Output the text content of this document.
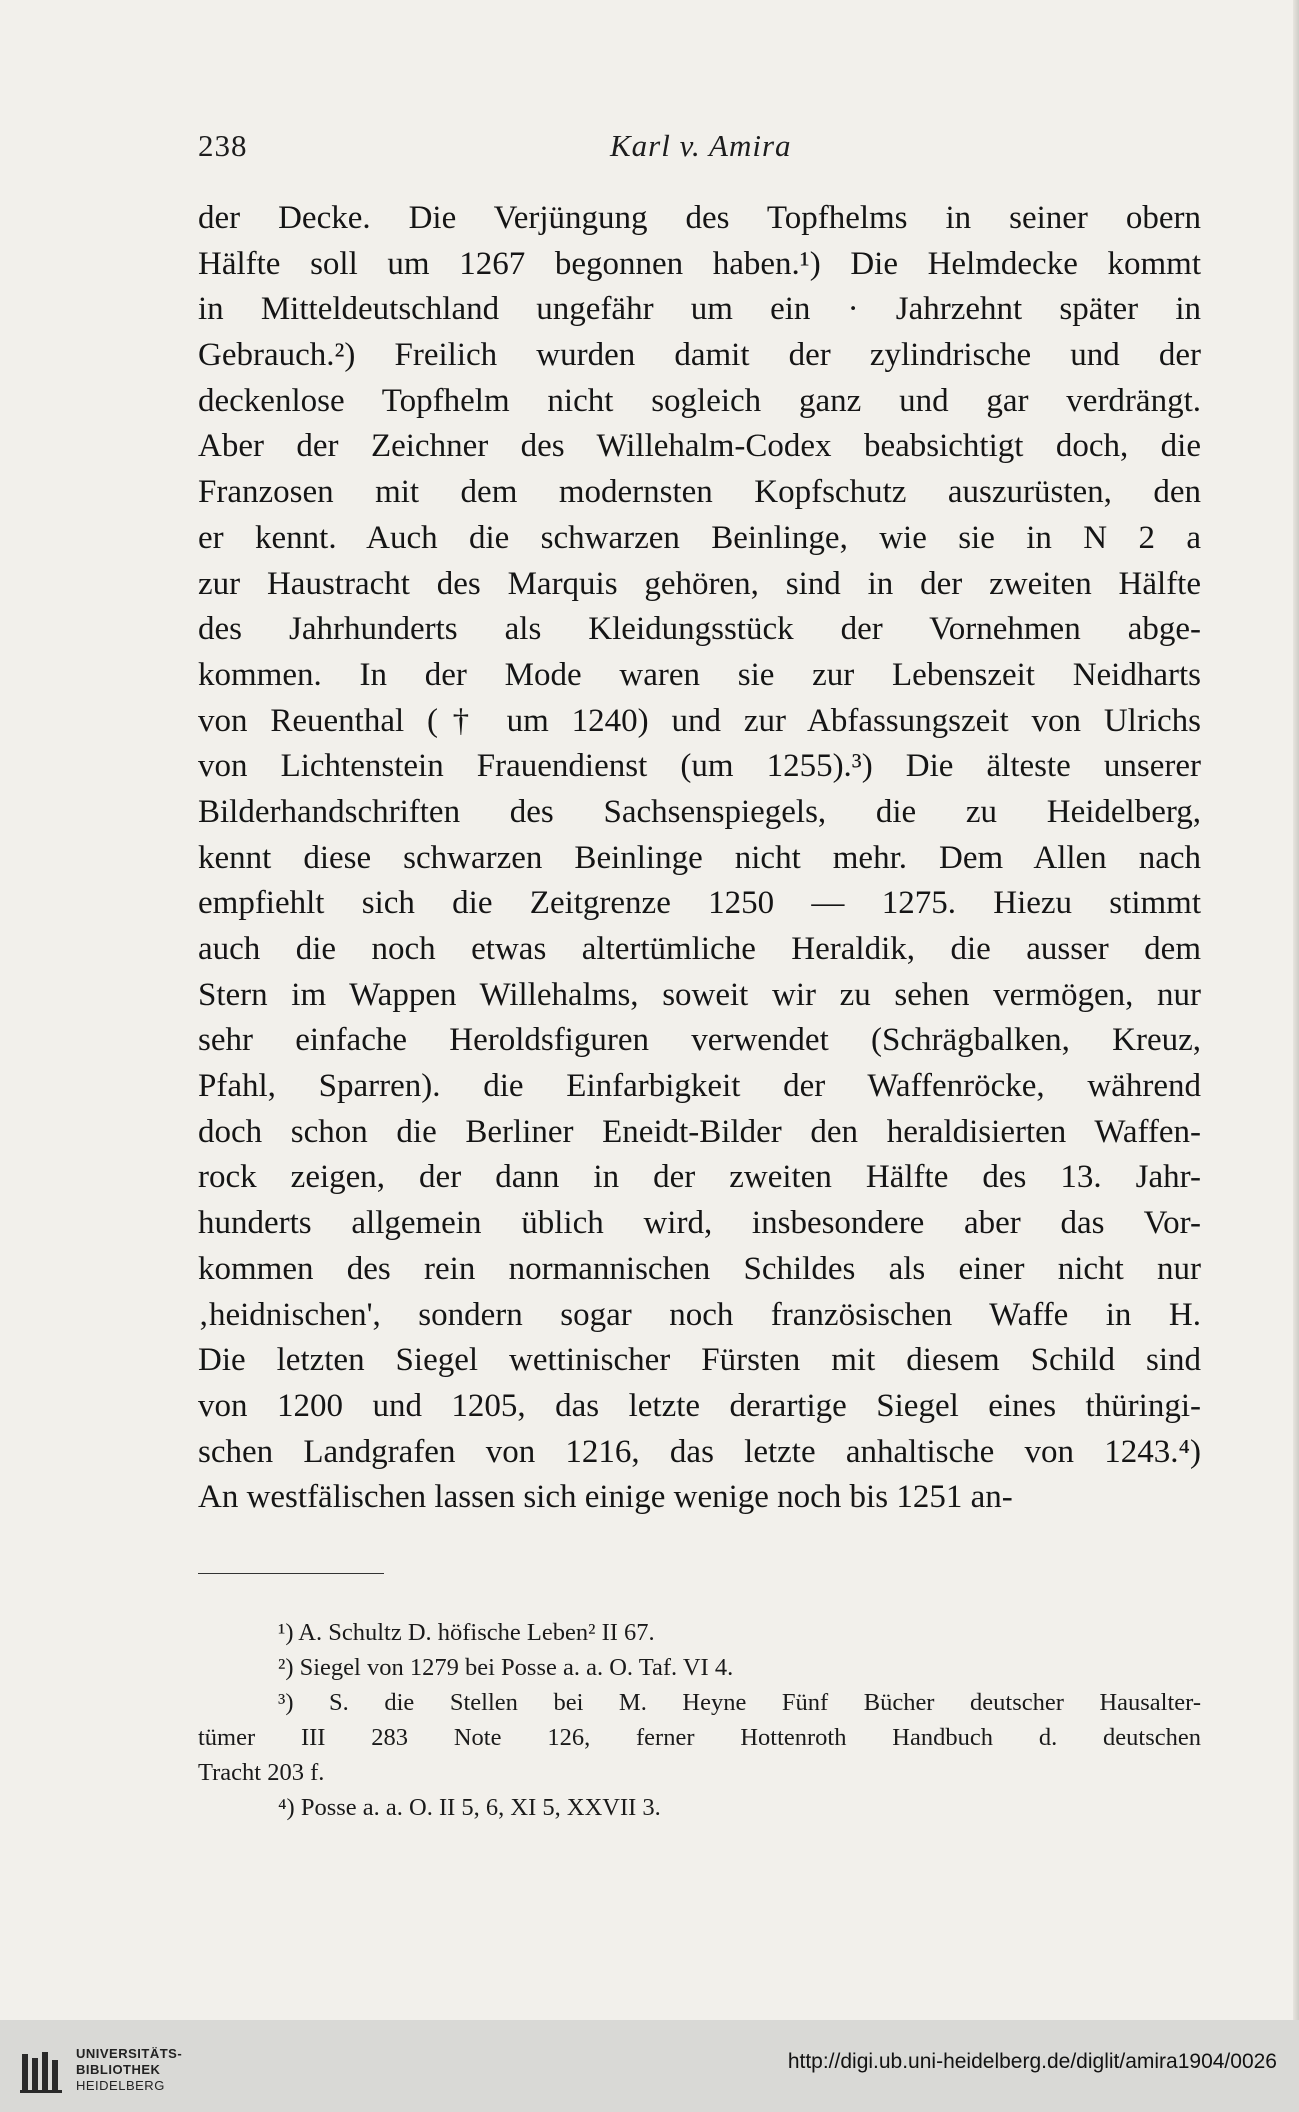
238	Karl v. Amira
der Decke. Die Verjüngung des Topfhelms in seiner obern
Hälfte soll um 1267 begonnen haben.¹) Die Helmdecke kommt
in Mitteldeutschland ungefähr um ein · Jahrzehnt später in
Gebrauch.²) Freilich wurden damit der zylindrische und der
deckenlose Topfhelm nicht sogleich ganz und gar verdrängt.
Aber der Zeichner des Willehalm-Codex beabsichtigt doch, die
Franzosen mit dem modernsten Kopfschutz auszurüsten, den
er kennt. Auch die schwarzen Beinlinge, wie sie in N 2 a
zur Haustracht des Marquis gehören, sind in der zweiten Hälfte
des Jahrhunderts als Kleidungsstück der Vornehmen abge-
kommen. In der Mode waren sie zur Lebenszeit Neidharts
von Reuenthal († um 1240) und zur Abfassungszeit von Ulrichs
von Lichtenstein Frauendienst (um 1255).³) Die älteste unserer
Bilderhandschriften des Sachsenspiegels, die zu Heidelberg,
kennt diese schwarzen Beinlinge nicht mehr. Dem Allen nach
empfiehlt sich die Zeitgrenze 1250 — 1275. Hiezu stimmt
auch die noch etwas altertümliche Heraldik, die ausser dem
Stern im Wappen Willehalms, soweit wir zu sehen vermögen, nur
sehr einfache Heroldsfiguren verwendet (Schrägbalken, Kreuz,
Pfahl, Sparren). die Einfarbigkeit der Waffenröcke, während
doch schon die Berliner Eneidt-Bilder den heraldisierten Waffen-
rock zeigen, der dann in der zweiten Hälfte des 13. Jahr-
hunderts allgemein üblich wird, insbesondere aber das Vor-
kommen des rein normannischen Schildes als einer nicht nur
‚heidnischen', sondern sogar noch französischen Waffe in H.
Die letzten Siegel wettinischer Fürsten mit diesem Schild sind
von 1200 und 1205, das letzte derartige Siegel eines thüringi-
schen Landgrafen von 1216, das letzte anhaltische von 1243.⁴)
An westfälischen lassen sich einige wenige noch bis 1251 an-
¹) A. Schultz D. höfische Leben² II 67.
²) Siegel von 1279 bei Posse a. a. O. Taf. VI 4.
³) S. die Stellen bei M. Heyne Fünf Bücher deutscher Hausalter-
tümer III 283 Note 126, ferner Hottenroth Handbuch d. deutschen
Tracht 203 f.
⁴) Posse a. a. O. II 5, 6, XI 5, XXVII 3.
UNIVERSITÄTS-
BIBLIOTHEK
HEIDELBERG
http://digi.ub.uni-heidelberg.de/diglit/amira1904/0026
